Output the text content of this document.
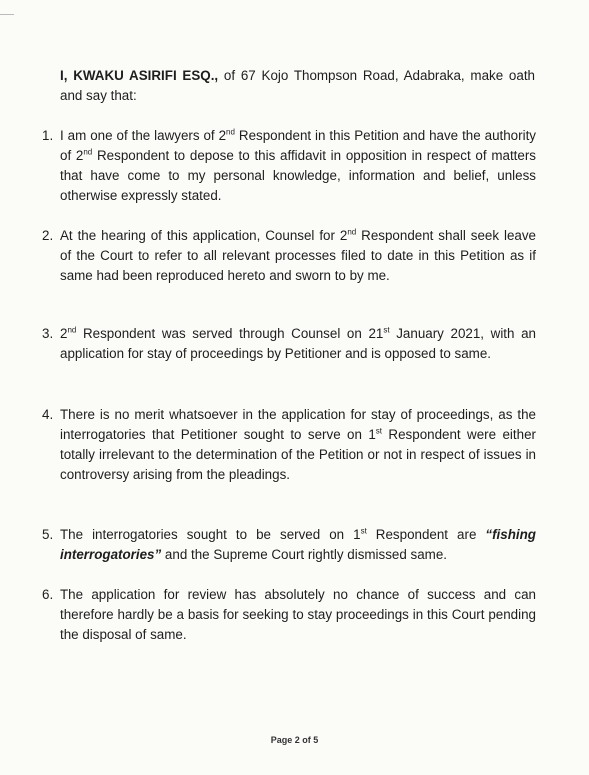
I, KWAKU ASIRIFI ESQ., of 67 Kojo Thompson Road, Adabraka, make oath and say that:
1. I am one of the lawyers of 2nd Respondent in this Petition and have the authority of 2nd Respondent to depose to this affidavit in opposition in respect of matters that have come to my personal knowledge, information and belief, unless otherwise expressly stated.
2. At the hearing of this application, Counsel for 2nd Respondent shall seek leave of the Court to refer to all relevant processes filed to date in this Petition as if same had been reproduced hereto and sworn to by me.
3. 2nd Respondent was served through Counsel on 21st January 2021, with an application for stay of proceedings by Petitioner and is opposed to same.
4. There is no merit whatsoever in the application for stay of proceedings, as the interrogatories that Petitioner sought to serve on 1st Respondent were either totally irrelevant to the determination of the Petition or not in respect of issues in controversy arising from the pleadings.
5. The interrogatories sought to be served on 1st Respondent are “fishing interrogatories” and the Supreme Court rightly dismissed same.
6. The application for review has absolutely no chance of success and can therefore hardly be a basis for seeking to stay proceedings in this Court pending the disposal of same.
Page 2 of 5
